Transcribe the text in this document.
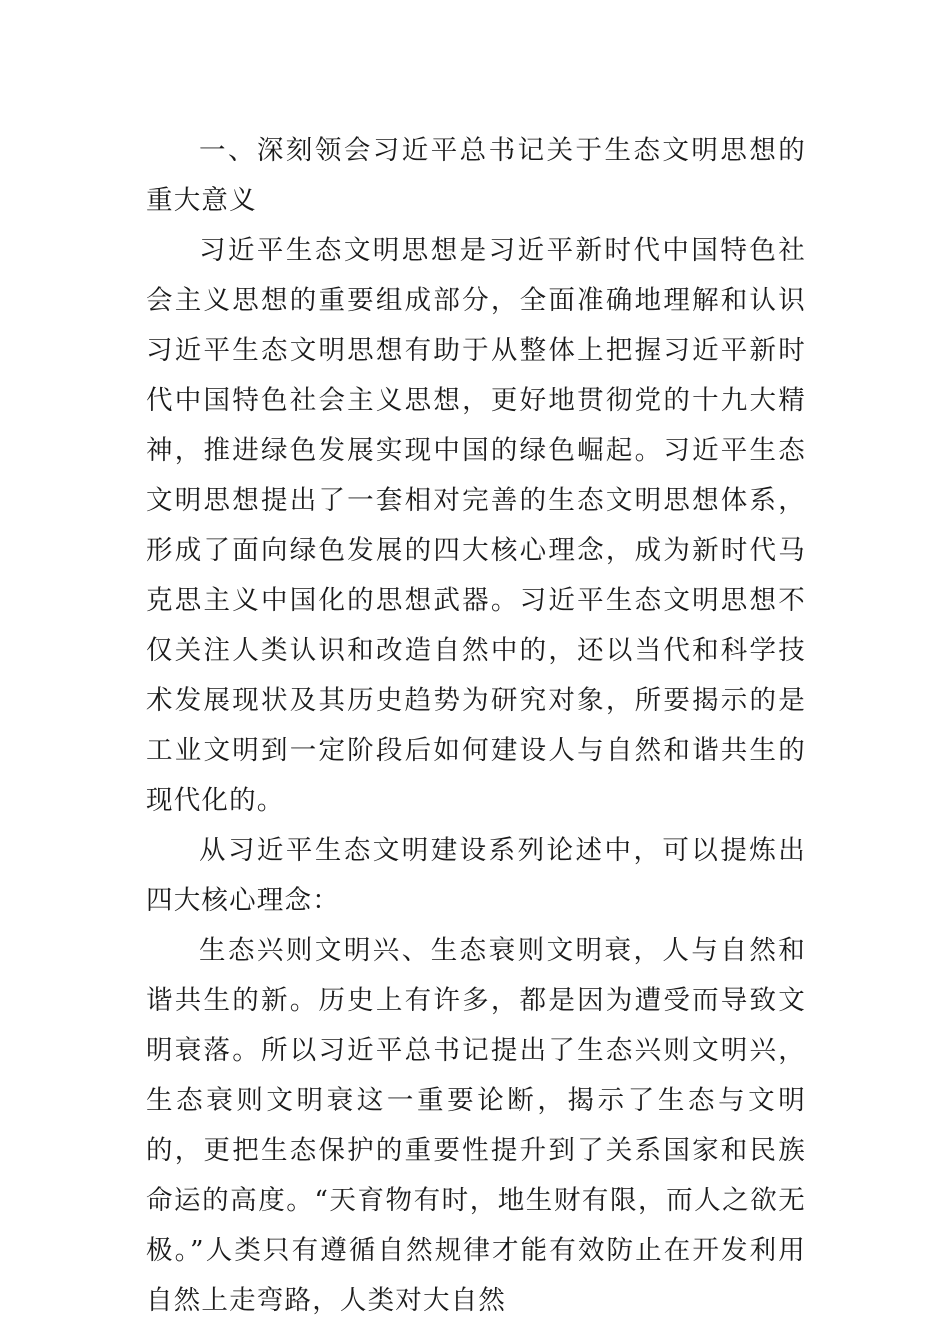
一、深刻领会习近平总书记关于生态文明思想的重大意义

习近平生态文明思想是习近平新时代中国特色社会主义思想的重要组成部分，全面准确地理解和认识习近平生态文明思想有助于从整体上把握习近平新时代中国特色社会主义思想，更好地贯彻党的十九大精神，推进绿色发展实现中国的绿色崛起。习近平生态文明思想提出了一套相对完善的生态文明思想体系，形成了面向绿色发展的四大核心理念，成为新时代马克思主义中国化的思想武器。习近平生态文明思想不仅关注人类认识和改造自然中的，还以当代和科学技术发展现状及其历史趋势为研究对象，所要揭示的是工业文明到一定阶段后如何建设人与自然和谐共生的现代化的。

从习近平生态文明建设系列论述中，可以提炼出四大核心理念：

生态兴则文明兴、生态衰则文明衰，人与自然和谐共生的新。历史上有许多，都是因为遭受而导致文明衰落。所以习近平总书记提出了生态兴则文明兴，生态衰则文明衰这一重要论断，揭示了生态与文明的，更把生态保护的重要性提升到了关系国家和民族命运的高度。“天育物有时，地生财有限，而人之欲无极。”人类只有遵循自然规律才能有效防止在开发利用自然上走弯路，人类对大自然
